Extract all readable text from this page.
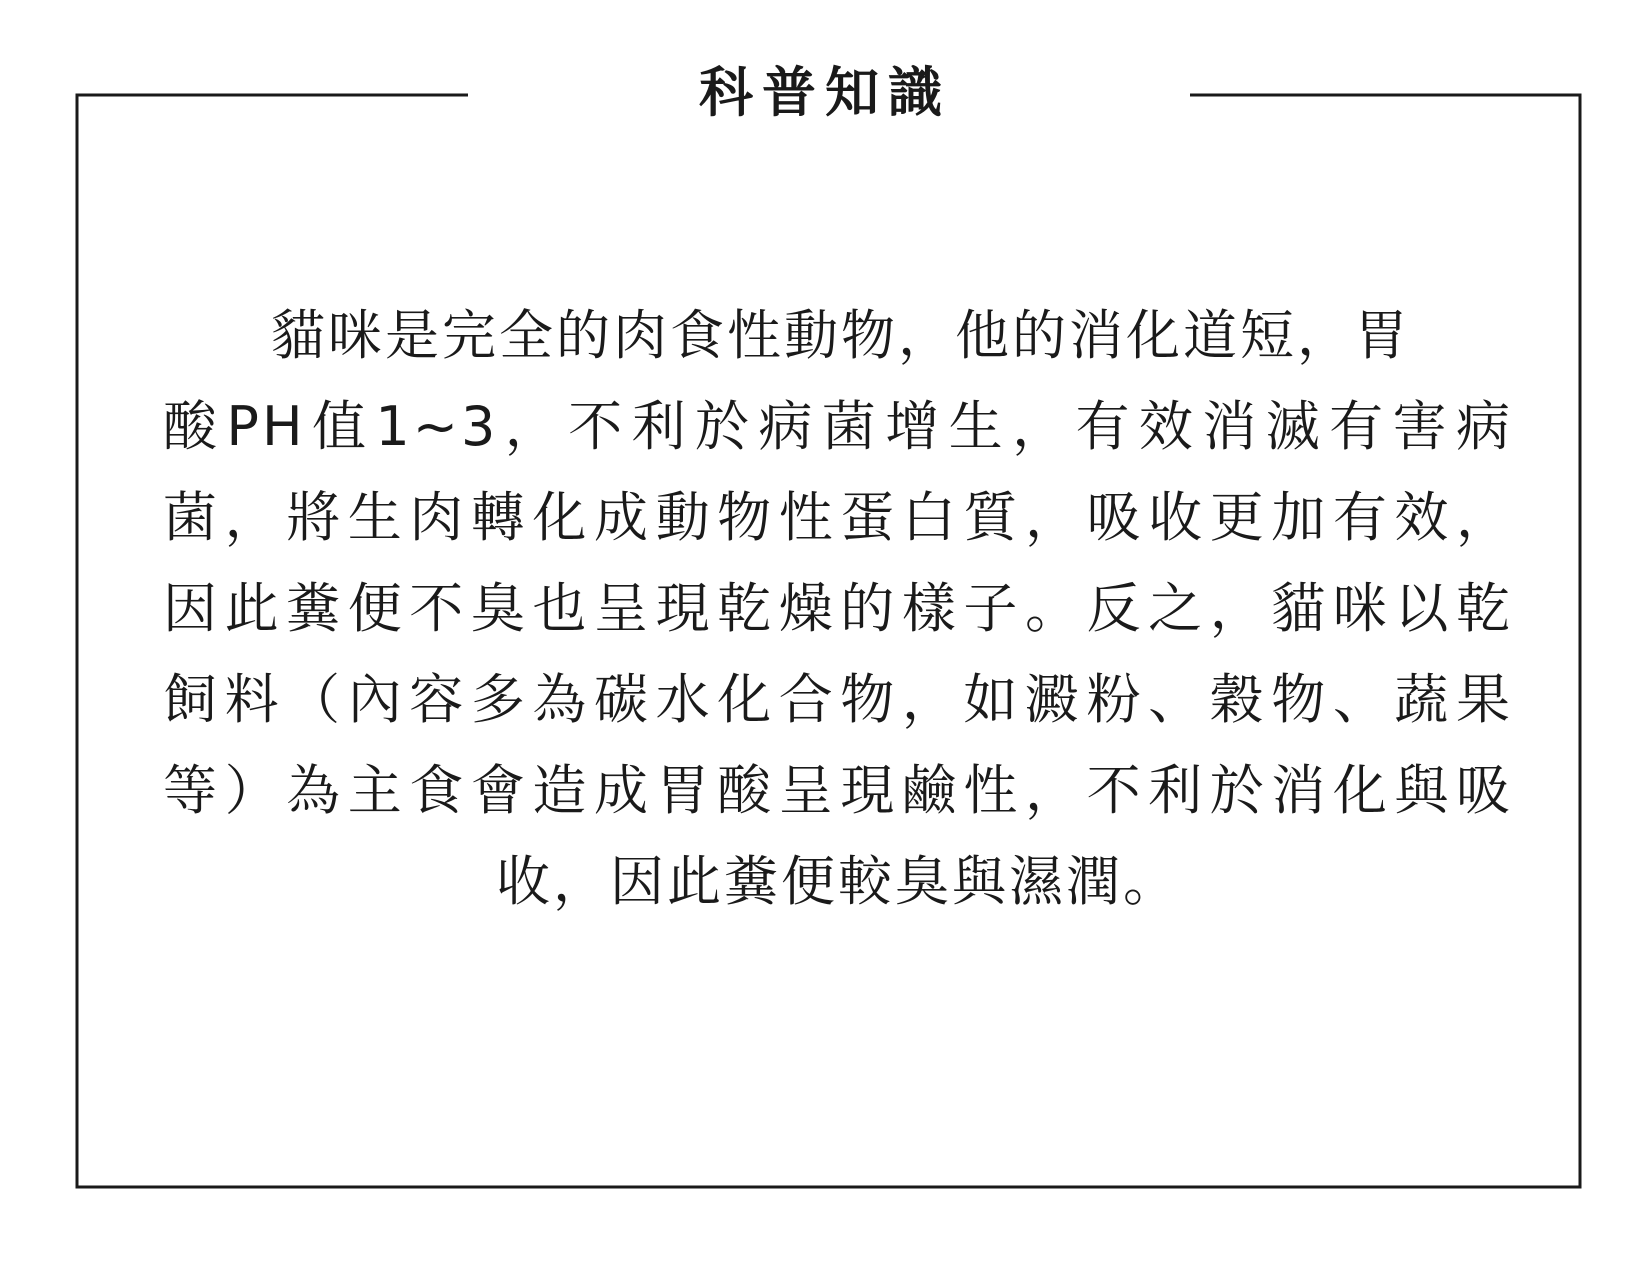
科普知識
貓咪是完全的肉食性動物，他的消化道短，胃
酸PH值1~3，不利於病菌增生，有效消滅有害病
菌，將生肉轉化成動物性蛋白質，吸收更加有效，
因此糞便不臭也呈現乾燥的樣子。反之，貓咪以乾
飼料（內容多為碳水化合物，如澱粉、穀物、蔬果
等）為主食會造成胃酸呈現鹼性，不利於消化與吸
收，因此糞便較臭與濕潤。
